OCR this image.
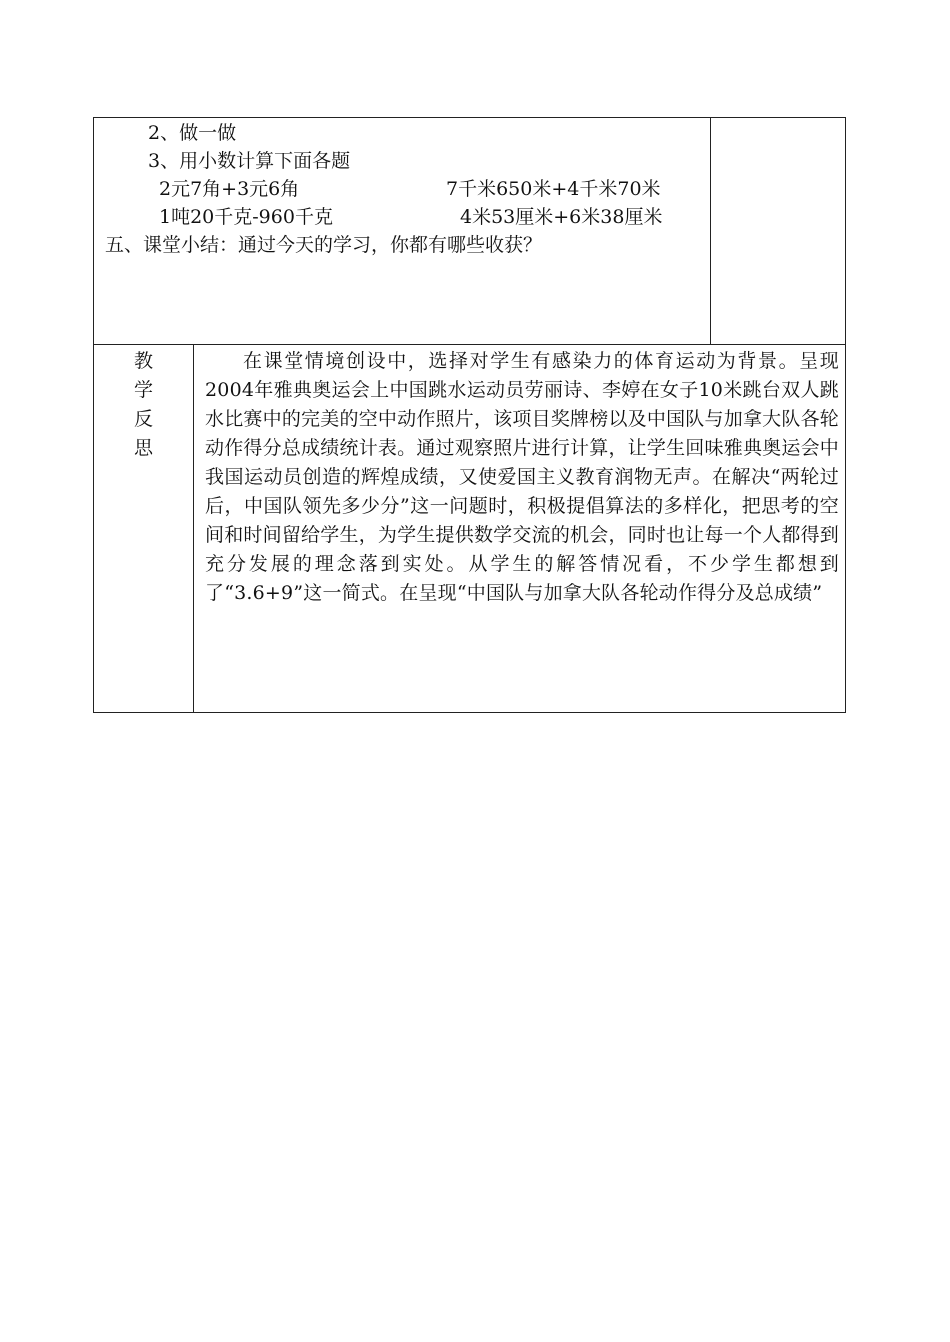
2、做一做
3、用小数计算下面各题
2元7角+3元6角	7千米650米+4千米70米
1吨20千克-960千克	4米53厘米+6米38厘米
五、课堂小结：通过今天的学习，你都有哪些收获？
教
学
反
思
在课堂情境创设中，选择对学生有感染力的体育运动为背景。呈现2004年雅典奥运会上中国跳水运动员劳丽诗、李婷在女子10米跳台双人跳水比赛中的完美的空中动作照片，该项目奖牌榜以及中国队与加拿大队各轮动作得分总成绩统计表。通过观察照片进行计算，让学生回味雅典奥运会中我国运动员创造的辉煌成绩，又使爱国主义教育润物无声。在解决“两轮过后，中国队领先多少分”这一问题时，积极提倡算法的多样化，把思考的空间和时间留给学生，为学生提供数学交流的机会，同时也让每一个人都得到充分发展的理念落到实处。从学生的解答情况看，不少学生都想到了“3.6+9”这一简式。在呈现“中国队与加拿大队各轮动作得分及总成绩”
